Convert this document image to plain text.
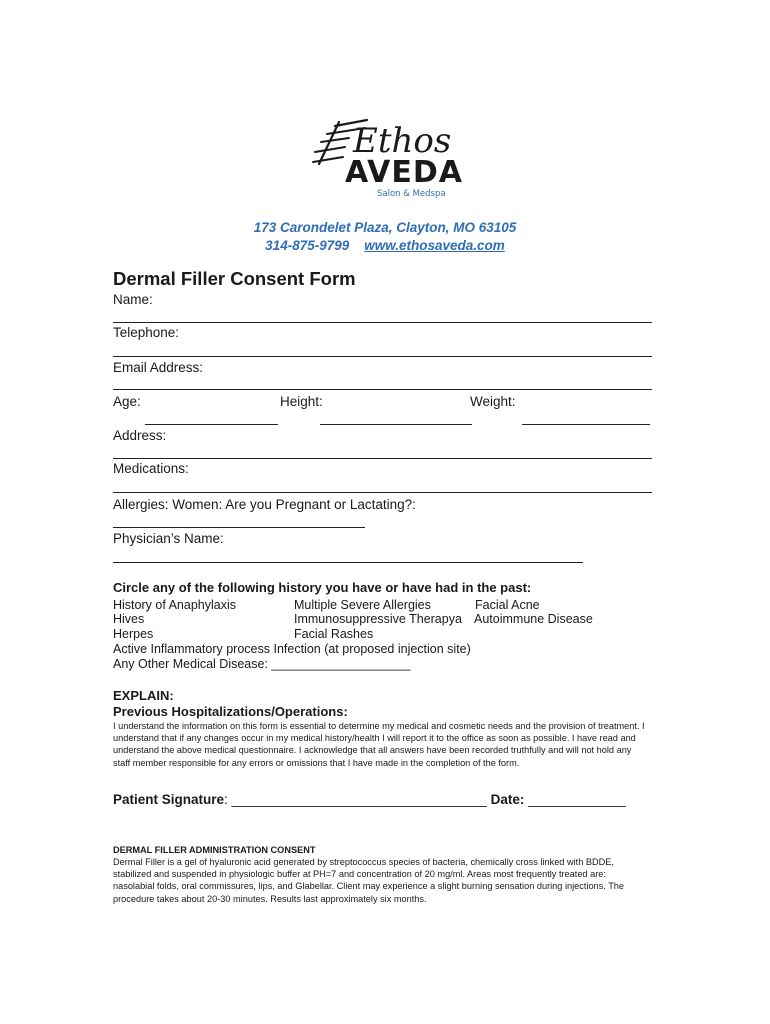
Ethos
AVEDA
Salon & Medspa
173 Carondelet Plaza, Clayton, MO 63105
314-875-9799 www.ethosaveda.com
Dermal Filler Consent Form
Name:
Telephone:
Email Address:
Age:	Height:	Weight:
Address:
Medications:
Allergies: Women: Are you Pregnant or Lactating?:
Physician’s Name:
Circle any of the following history you have or have had in the past:
History of Anaphylaxis	Multiple Severe Allergies	Facial Acne
Hives	Immunosuppressive Therapya Autoimmune Disease
Herpes	Facial Rashes
Active Inflammatory process Infection (at proposed injection site)
Any Other Medical Disease: ____________________
EXPLAIN:
Previous Hospitalizations/Operations:
I understand the information on this form is essential to determine my medical and cosmetic needs and the provision of treatment. I understand that if any changes occur in my medical history/health I will report it to the office as soon as possible. I have read and understand the above medical questionnaire. I acknowledge that all answers have been recorded truthfully and will not hold any staff member responsible for any errors or omissions that I have made in the completion of the form.
Patient Signature: __________________________________ Date: _____________
DERMAL FILLER ADMINISTRATION CONSENT
Dermal Filler is a gel of hyaluronic acid generated by streptococcus species of bacteria, chemically cross linked with BDDE, stabilized and suspended in physiologic buffer at PH=7 and concentration of 20 mg/ml. Areas most frequently treated are: nasolabial folds, oral commissures, lips, and Glabellar. Client may experience a slight burning sensation during injections. The procedure takes about 20-30 minutes. Results last approximately six months.
